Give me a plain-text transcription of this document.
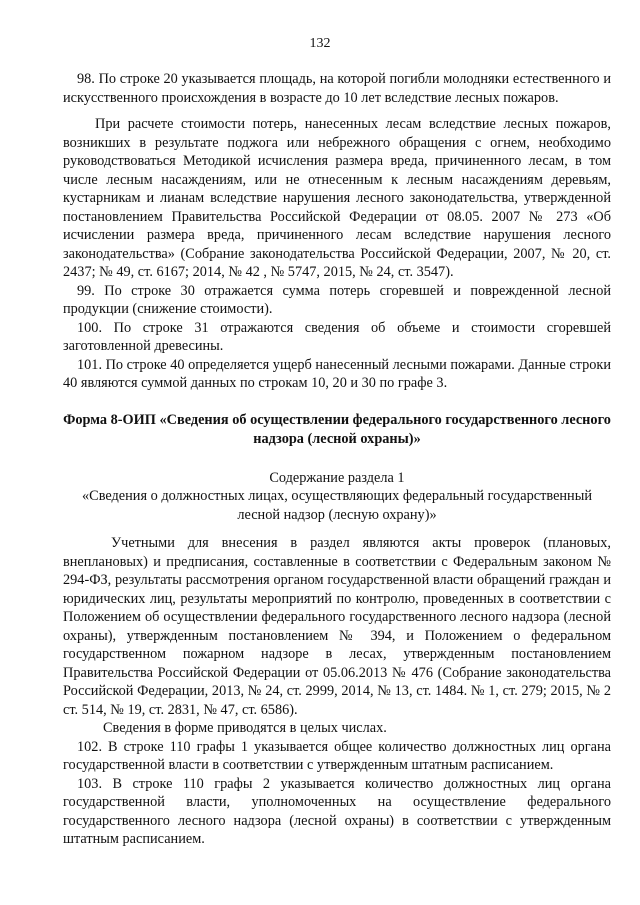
132

98. По строке 20 указывается площадь, на которой погибли молодняки естественного и искусственного происхождения в возрасте до 10 лет вследствие лесных пожаров.

При расчете стоимости потерь, нанесенных лесам вследствие лесных пожаров, возникших в результате поджога или небрежного обращения с огнем, необходимо руководствоваться Методикой исчисления размера вреда, причиненного лесам, в том числе лесным насаждениям, или не отнесенным к лесным насаждениям деревьям, кустарникам и лианам вследствие нарушения лесного законодательства, утвержденной постановлением Правительства Российской Федерации от 08.05. 2007 № 273 «Об исчислении размера вреда, причиненного лесам вследствие нарушения лесного законодательства» (Собрание законодательства Российской Федерации, 2007, № 20, ст. 2437; № 49, ст. 6167; 2014, № 42 , № 5747, 2015, № 24, ст. 3547).

99. По строке 30 отражается сумма потерь сгоревшей и поврежденной лесной продукции (снижение стоимости).

100. По строке 31 отражаются сведения об объеме и стоимости сгоревшей заготовленной древесины.

101. По строке 40 определяется ущерб нанесенный лесными пожарами. Данные строки 40 являются суммой данных по строкам 10, 20 и 30 по графе 3.

Форма 8-ОИП «Сведения об осуществлении федерального государственного лесного надзора (лесной охраны)»

Содержание раздела 1

«Сведения о должностных лицах, осуществляющих федеральный государственный лесной надзор (лесную охрану)»

Учетными для внесения в раздел являются акты проверок (плановых, внеплановых) и предписания, составленные в соответствии с Федеральным законом № 294-ФЗ, результаты рассмотрения органом государственной власти обращений граждан и юридических лиц, результаты мероприятий по контролю, проведенных в соответствии с Положением об осуществлении федерального государственного лесного надзора (лесной охраны), утвержденным постановлением № 394, и Положением о федеральном государственном пожарном надзоре в лесах, утвержденным постановлением Правительства Российской Федерации от 05.06.2013 № 476 (Собрание законодательства Российской Федерации, 2013, № 24, ст. 2999, 2014, № 13, ст. 1484. № 1, ст. 279; 2015, № 2 ст. 514, № 19, ст. 2831, № 47, ст. 6586).

Сведения в форме приводятся в целых числах.

102. В строке 110 графы 1 указывается общее количество должностных лиц органа государственной власти в соответствии с утвержденным штатным расписанием.

103. В строке 110 графы 2 указывается количество должностных лиц органа государственной власти, уполномоченных на осуществление федерального государственного лесного надзора (лесной охраны) в соответствии с утвержденным штатным расписанием.
